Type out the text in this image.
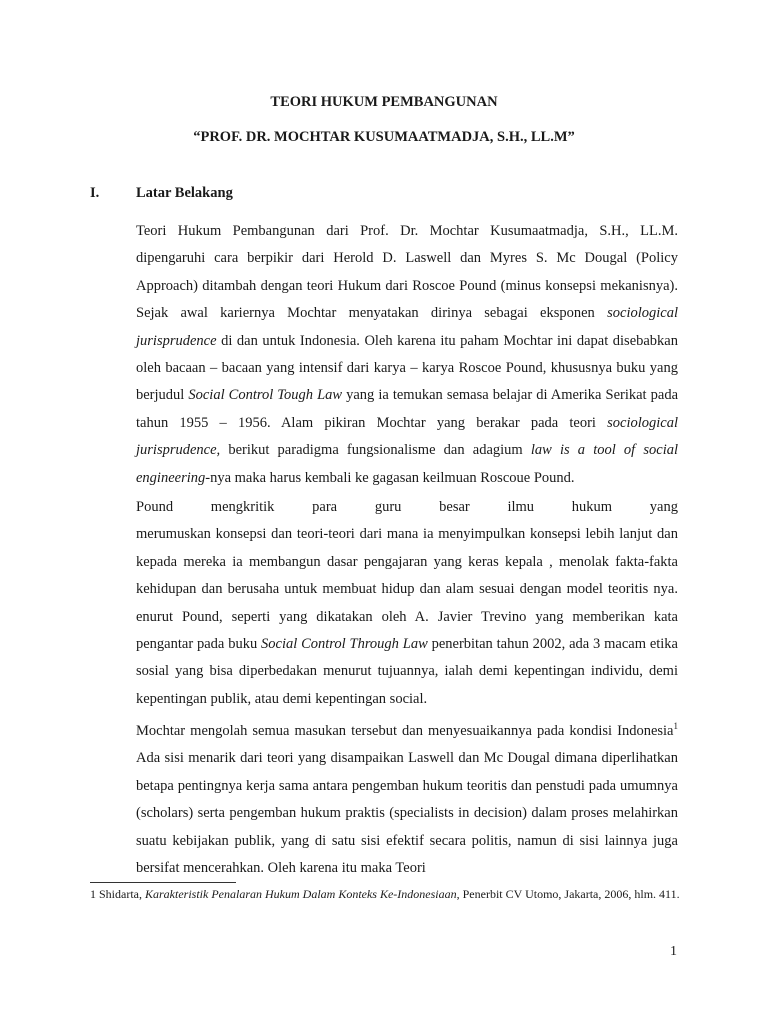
TEORI HUKUM PEMBANGUNAN
“PROF. DR. MOCHTAR KUSUMAATMADJA, S.H., LL.M”
I.	Latar Belakang

Teori Hukum Pembangunan dari Prof. Dr. Mochtar Kusumaatmadja, S.H., LL.M. dipengaruhi cara berpikir dari Herold D. Laswell dan Myres S. Mc Dougal (Policy Approach) ditambah dengan teori Hukum dari Roscoe Pound (minus konsepsi mekanisnya). Sejak awal kariernya Mochtar menyatakan dirinya sebagai eksponen sociological jurisprudence di dan untuk Indonesia. Oleh karena itu paham Mochtar ini dapat disebabkan oleh bacaan – bacaan yang intensif dari karya – karya Roscoe Pound, khususnya buku yang berjudul Social Control Tough Law yang ia temukan semasa belajar di Amerika Serikat pada tahun 1955 – 1956. Alam pikiran Mochtar yang berakar pada teori sociological jurisprudence, berikut paradigma fungsionalisme dan adagium law is a tool of social engineering-nya maka harus kembali ke gagasan keilmuan Roscoue Pound.

Pound mengkritik para guru besar ilmu hukum yang
merumuskan konsepsi dan teori-teori dari mana ia menyimpulkan konsepsi lebih lanjut dan kepada mereka ia membangun dasar pengajaran yang keras kepala , menolak fakta-fakta kehidupan dan berusaha untuk membuat hidup dan alam sesuai dengan model teoritis nya. enurut Pound, seperti yang dikatakan oleh A. Javier Trevino yang memberikan kata pengantar pada buku Social Control Through Law penerbitan tahun 2002, ada 3 macam etika sosial yang bisa diperbedakan menurut tujuannya, ialah demi kepentingan individu, demi kepentingan publik, atau demi kepentingan social.

Mochtar mengolah semua masukan tersebut dan menyesuaikannya pada kondisi Indonesia$^1$ Ada sisi menarik dari teori yang disampaikan Laswell dan Mc Dougal dimana diperlihatkan betapa pentingnya kerja sama antara pengemban hukum teoritis dan penstudi pada umumnya (scholars) serta pengemban hukum praktis (specialists in decision) dalam proses melahirkan suatu kebijakan publik, yang di satu sisi efektif secara politis, namun di sisi lainnya juga bersifat mencerahkan. Oleh karena itu maka Teori

1 Shidarta, Karakteristik Penalaran Hukum Dalam Konteks Ke-Indonesiaan, Penerbit CV Utomo, Jakarta, 2006, hlm. 411.

1
